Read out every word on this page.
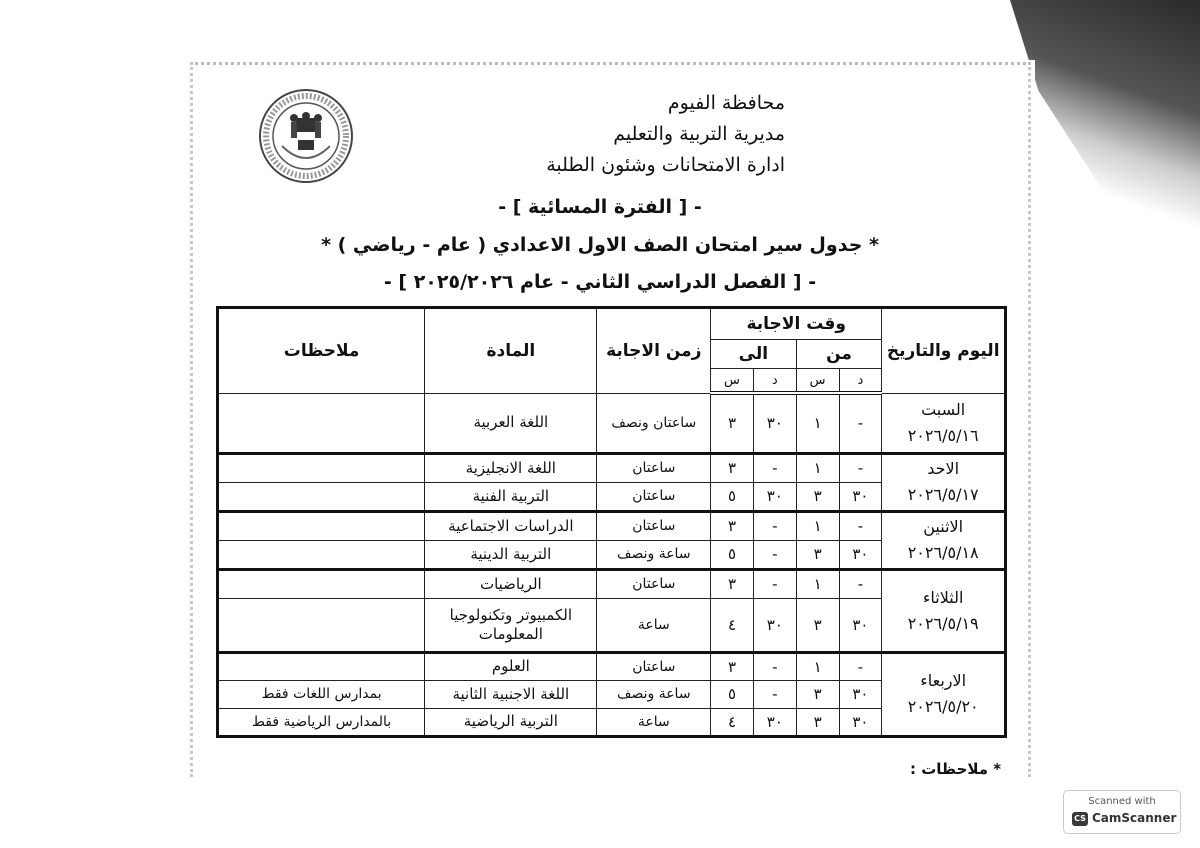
محافظة الفيوم
مديرية التربية والتعليم
ادارة الامتحانات وشئون الطلبة
- [ الفترة المسائية ] -
* جدول سير امتحان الصف الاول الاعدادي ( عام - رياضي ) *
- [ الفصل الدراسي الثاني - عام ٢٠٢٥/٢٠٢٦ ] -
اليوم والتاريخ	وقت الاجابة				زمن الاجابة	المادة	ملاحظات
	من		الى				
	د	س	د	س			

السبت
٢٠٢٦/٥/١٦	-	١	٣٠	٣	ساعتان ونصف	اللغة العربية	

الاحد
٢٠٢٦/٥/١٧	-	١	-	٣	ساعتان	اللغة الانجليزية	
	٣٠	٣	٣٠	٥	ساعتان	التربية الفنية	

الاثنين
٢٠٢٦/٥/١٨	-	١	-	٣	ساعتان	الدراسات الاجتماعية	
	٣٠	٣	-	٥	ساعة ونصف	التربية الدينية	

الثلاثاء
٢٠٢٦/٥/١٩	-	١	-	٣	ساعتان	الرياضيات	
	٣٠	٣	٣٠	٤	ساعة	الكمبيوتر وتكنولوجيا المعلومات	

الاربعاء
٢٠٢٦/٥/٢٠	-	١	-	٣	ساعتان	العلوم	
	٣٠	٣	-	٥	ساعة ونصف	اللغة الاجنبية الثانية	بمدارس اللغات فقط
	٣٠	٣	٣٠	٤	ساعة	التربية الرياضية	بالمدارس الرياضية فقط
* ملاحظات :
Scanned with
CS CamScanner
